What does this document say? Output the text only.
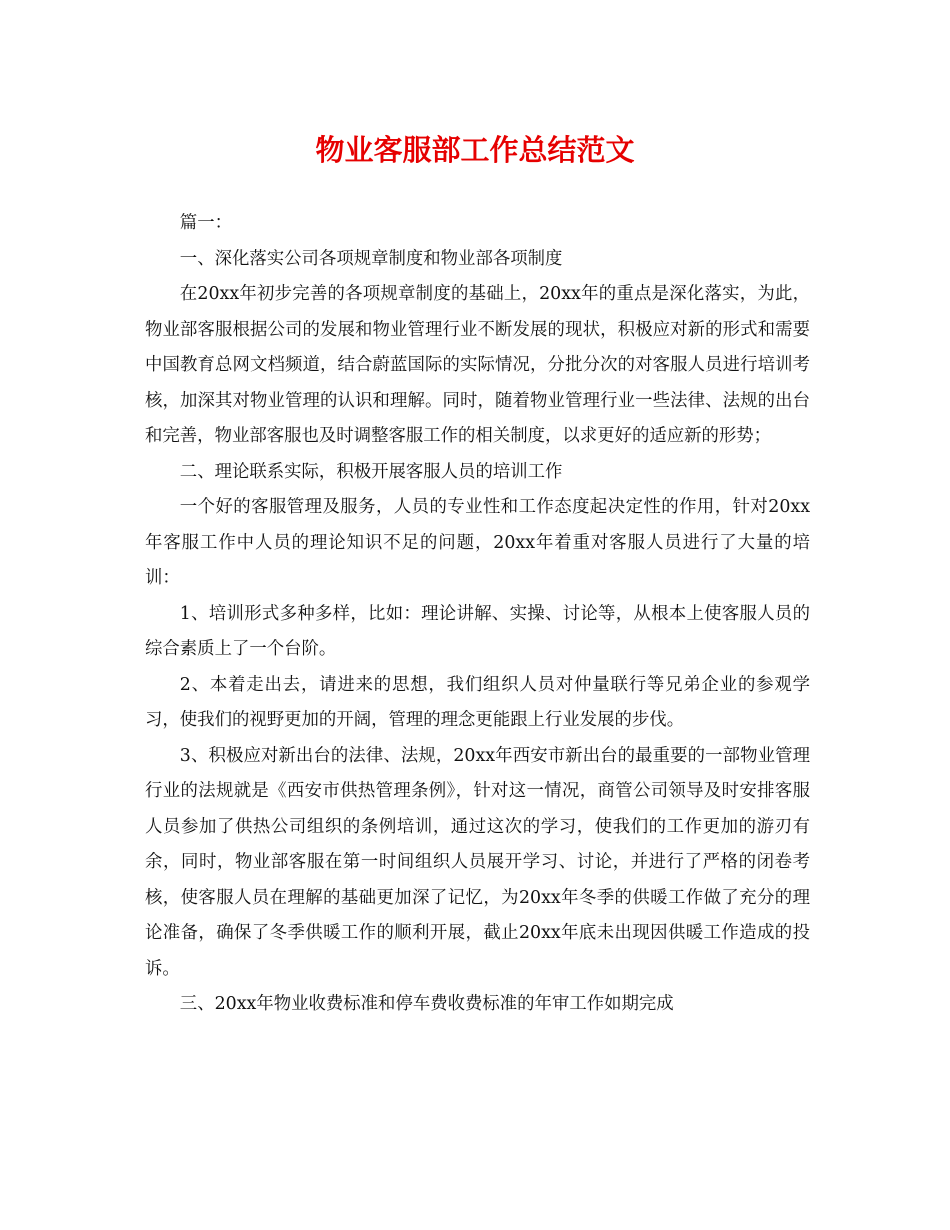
物业客服部工作总结范文

篇一：

一、深化落实公司各项规章制度和物业部各项制度

在20xx年初步完善的各项规章制度的基础上，20xx年的重点是深化落实，为此，物业部客服根据公司的发展和物业管理行业不断发展的现状，积极应对新的形式和需要中国教育总网文档频道，结合蔚蓝国际的实际情况，分批分次的对客服人员进行培训考核，加深其对物业管理的认识和理解。同时，随着物业管理行业一些法律、法规的出台和完善，物业部客服也及时调整客服工作的相关制度，以求更好的适应新的形势；

二、理论联系实际，积极开展客服人员的培训工作

一个好的客服管理及服务，人员的专业性和工作态度起决定性的作用，针对20xx年客服工作中人员的理论知识不足的问题，20xx年着重对客服人员进行了大量的培训：

1、培训形式多种多样，比如：理论讲解、实操、讨论等，从根本上使客服人员的综合素质上了一个台阶。

2、本着走出去，请进来的思想，我们组织人员对仲量联行等兄弟企业的参观学习，使我们的视野更加的开阔，管理的理念更能跟上行业发展的步伐。

3、积极应对新出台的法律、法规，20xx年西安市新出台的最重要的一部物业管理行业的法规就是《西安市供热管理条例》，针对这一情况，商管公司领导及时安排客服人员参加了供热公司组织的条例培训，通过这次的学习，使我们的工作更加的游刃有余，同时，物业部客服在第一时间组织人员展开学习、讨论，并进行了严格的闭卷考核，使客服人员在理解的基础更加深了记忆，为20xx年冬季的供暖工作做了充分的理论准备，确保了冬季供暖工作的顺利开展，截止20xx年底未出现因供暖工作造成的投诉。

三、20xx年物业收费标准和停车费收费标准的年审工作如期完成
